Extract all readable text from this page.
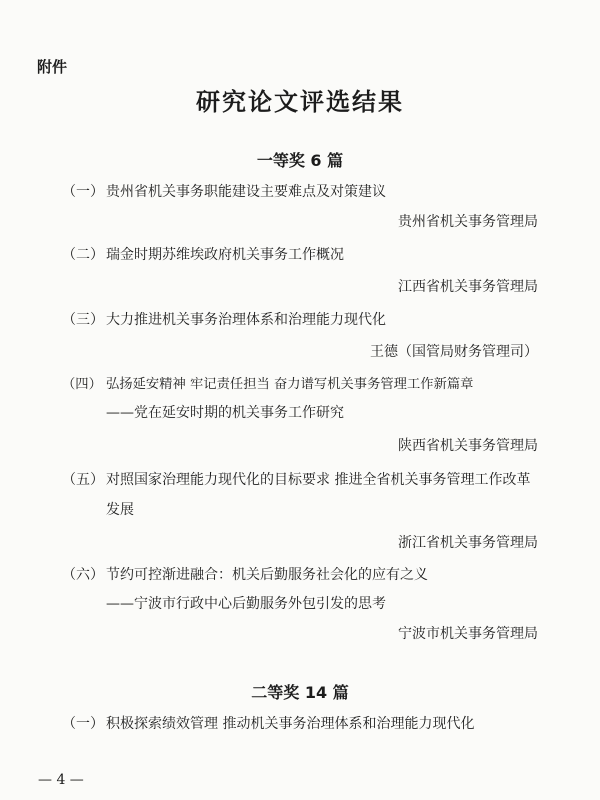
附件
研究论文评选结果
一等奖 6 篇
（一） 贵州省机关事务职能建设主要难点及对策建议
贵州省机关事务管理局
（二） 瑞金时期苏维埃政府机关事务工作概况
江西省机关事务管理局
（三） 大力推进机关事务治理体系和治理能力现代化
王德（国管局财务管理司）
（四） 弘扬延安精神 牢记责任担当 奋力谱写机关事务管理工作新篇章
——党在延安时期的机关事务工作研究
陕西省机关事务管理局
（五） 对照国家治理能力现代化的目标要求 推进全省机关事务管理工作改革发展
浙江省机关事务管理局
（六） 节约可控渐进融合：机关后勤服务社会化的应有之义
——宁波市行政中心后勤服务外包引发的思考
宁波市机关事务管理局
二等奖 14 篇
（一） 积极探索绩效管理 推动机关事务治理体系和治理能力现代化
— 4 —
